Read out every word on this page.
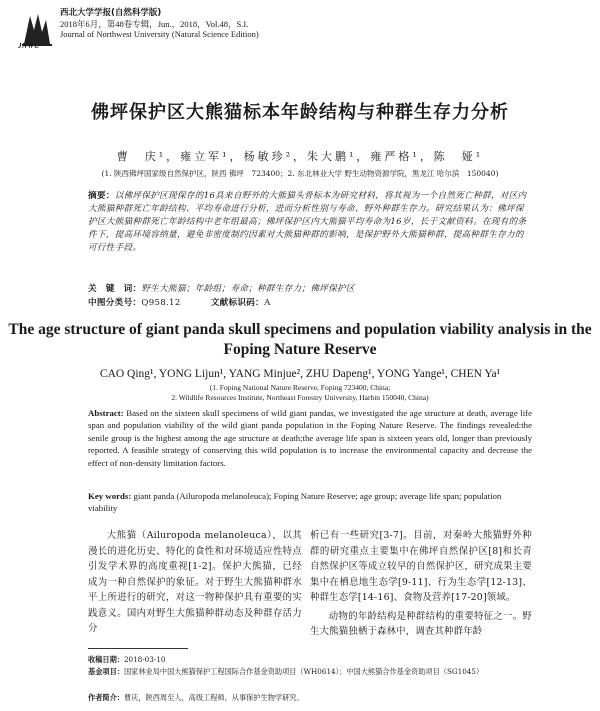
JNWU
西北大学学报(自然科学版)
2018年6月，第48卷专辑，Jun.，2018，Vol.48，S.I.
Journal of Northwest University (Natural Science Edition)
佛坪保护区大熊猫标本年龄结构与种群生存力分析
曹　庆¹，雍立军¹，杨敏珍²，朱大鹏¹，雍严格¹，陈　娅¹
(1. 陕西佛坪国家级自然保护区，陕西 佛坪　723400；2. 东北林业大学 野生动物资源学院，黑龙江 哈尔滨　150040)
摘要：以佛坪保护区现保存的16具来自野外的大熊猫头骨标本为研究材料，将其视为一个自然死亡种群，对区内大熊猫种群死亡年龄结构、平均寿命进行分析，进而分析性别与寿命、野外种群生存力。研究结果认为：佛坪保护区大熊猫种群死亡年龄结构中老年组最高；佛坪保护区内大熊猫平均寿命为16岁，长于文献资料。在现有的条件下，提高环境容纳量，避免非密度制约因素对大熊猫种群的影响，是保护野外大熊猫种群、提高种群生存力的可行性手段。
关　键　词：野生大熊猫；年龄组；寿命；种群生存力；佛坪保护区
中图分类号：Q958.12	文献标识码：A
The age structure of giant panda skull specimens and population viability analysis in the Foping Nature Reserve
CAO Qing¹, YONG Lijun¹, YANG Minjue², ZHU Dapeng¹, YONG Yange¹, CHEN Ya¹
(1. Foping National Nature Reserve, Foping 723400, China;
2. Wildlife Resources Institute, Northeast Forestry University, Harbin 150040, China)
Abstract: Based on the sixteen skull specimens of wild giant pandas, we investigated the age structure at death, average life span and population viability of the wild giant panda population in the Foping Nature Reserve. The findings revealed:the senile group is the highest among the age structure at death;the average life span is sixteen years old, longer than previously reported. A feasible strategy of conserving this wild population is to increase the environmental capacity and decrease the effect of non-density limitation factors.
Key words: giant panda (Ailuropoda melanoleuca); Foping Nature Reserve; age group; average life span; population viability
大熊猫（Ailuropoda melanoleuca），以其漫长的进化历史、特化的食性和对环境适应性特点引发学术界的高度重视[1-2]。保护大熊猫，已经成为一种自然保护的象征。对于野生大熊猫种群水平上所进行的研究，对这一物种保护具有重要的实践意义。国内对野生大熊猫种群动态及种群存活力分
析已有一些研究[3-7]。目前，对秦岭大熊猫野外种群的研究重点主要集中在佛坪自然保护区[8]和长青自然保护区等成立较早的自然保护区，研究成果主要集中在栖息地生态学[9-11]、行为生态学[12-13]、种群生态学[14-16]、食物及营养[17-20]领域。
动物的年龄结构是种群结构的重要特征之一。野生大熊猫独栖于森林中，调查其种群年龄
收稿日期：2018-03-10
基金项目：国家林业局中国大熊猫保护工程国际合作基金资助项目（WH0614）；中国大熊猫合作基金资助项目（SG1045）
作者简介：曹庆，陕西周至人，高级工程师，从事保护生物学研究。
